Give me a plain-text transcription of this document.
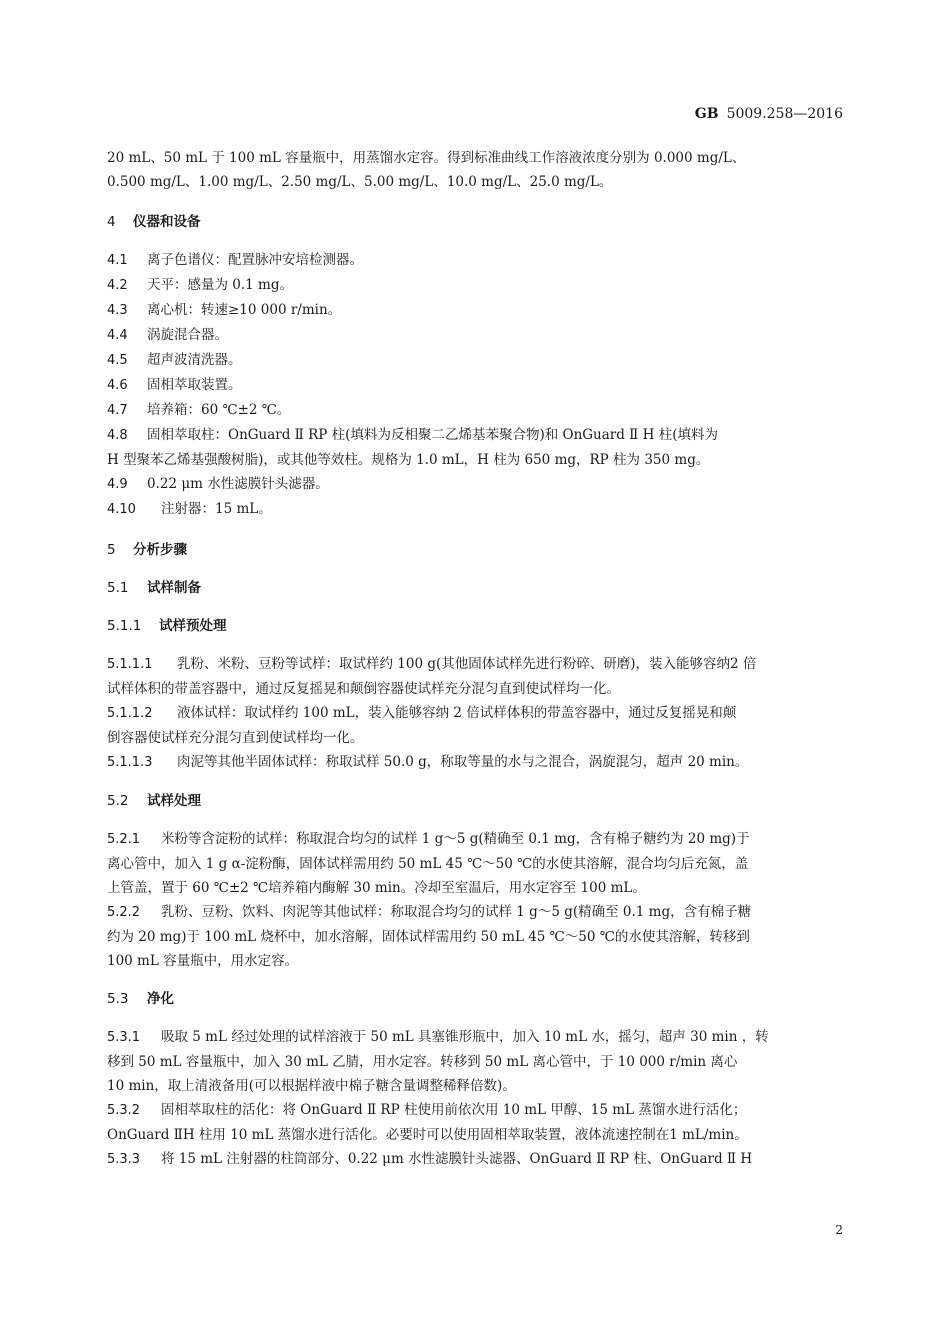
GB 5009.258—2016

20 mL、50 mL 于 100 mL 容量瓶中，用蒸馏水定容。得到标准曲线工作溶液浓度分别为 0.000 mg/L、

0.500 mg/L、1.00 mg/L、2.50 mg/L、5.00 mg/L、10.0 mg/L、25.0 mg/L。

4 仪器和设备

4.1 离子色谱仪：配置脉冲安培检测器。

4.2 天平：感量为 0.1 mg。

4.3 离心机：转速≥10 000 r/min。

4.4 涡旋混合器。

4.5 超声波清洗器。

4.6 固相萃取装置。

4.7 培养箱：60 ℃±2 ℃。

4.8 固相萃取柱：OnGuard Ⅱ RP 柱(填料为反相聚二乙烯基苯聚合物)和 OnGuard Ⅱ H 柱(填料为

H 型聚苯乙烯基强酸树脂)，或其他等效柱。规格为 1.0 mL，H 柱为 650 mg，RP 柱为 350 mg。

4.9 0.22 μm 水性滤膜针头滤器。

4.10 注射器：15 mL。

5 分析步骤

5.1 试样制备

5.1.1 试样预处理

5.1.1.1 乳粉、米粉、豆粉等试样：取试样约 100 g(其他固体试样先进行粉碎、研磨)，装入能够容纳2 倍

试样体积的带盖容器中，通过反复摇晃和颠倒容器使试样充分混匀直到使试样均一化。

5.1.1.2 液体试样：取试样约 100 mL，装入能够容纳 2 倍试样体积的带盖容器中，通过反复摇晃和颠

倒容器使试样充分混匀直到使试样均一化。

5.1.1.3 肉泥等其他半固体试样：称取试样 50.0 g，称取等量的水与之混合，涡旋混匀，超声 20 min。

5.2 试样处理

5.2.1 米粉等含淀粉的试样：称取混合均匀的试样 1 g～5 g(精确至 0.1 mg，含有棉子糖约为 20 mg)于

离心管中，加入 1 g α-淀粉酶，固体试样需用约 50 mL 45 ℃～50 ℃的水使其溶解，混合均匀后充氮，盖

上管盖，置于 60 ℃±2 ℃培养箱内酶解 30 min。冷却至室温后，用水定容至 100 mL。

5.2.2 乳粉、豆粉、饮料、肉泥等其他试样：称取混合均匀的试样 1 g～5 g(精确至 0.1 mg，含有棉子糖

约为 20 mg)于 100 mL 烧杯中，加水溶解，固体试样需用约 50 mL 45 ℃～50 ℃的水使其溶解，转移到

100 mL 容量瓶中，用水定容。

5.3 净化

5.3.1 吸取 5 mL 经过处理的试样溶液于 50 mL 具塞锥形瓶中，加入 10 mL 水，摇匀，超声 30 min ，转

移到 50 mL 容量瓶中，加入 30 mL 乙腈，用水定容。转移到 50 mL 离心管中，于 10 000 r/min 离心

10 min，取上清液备用(可以根据样液中棉子糖含量调整稀释倍数)。

5.3.2 固相萃取柱的活化：将 OnGuard Ⅱ RP 柱使用前依次用 10 mL 甲醇、15 mL 蒸馏水进行活化；

OnGuard ⅡH 柱用 10 mL 蒸馏水进行活化。必要时可以使用固相萃取装置，液体流速控制在1 mL/min。

5.3.3 将 15 mL 注射器的柱筒部分、0.22 μm 水性滤膜针头滤器、OnGuard Ⅱ RP 柱、OnGuard Ⅱ H

2
